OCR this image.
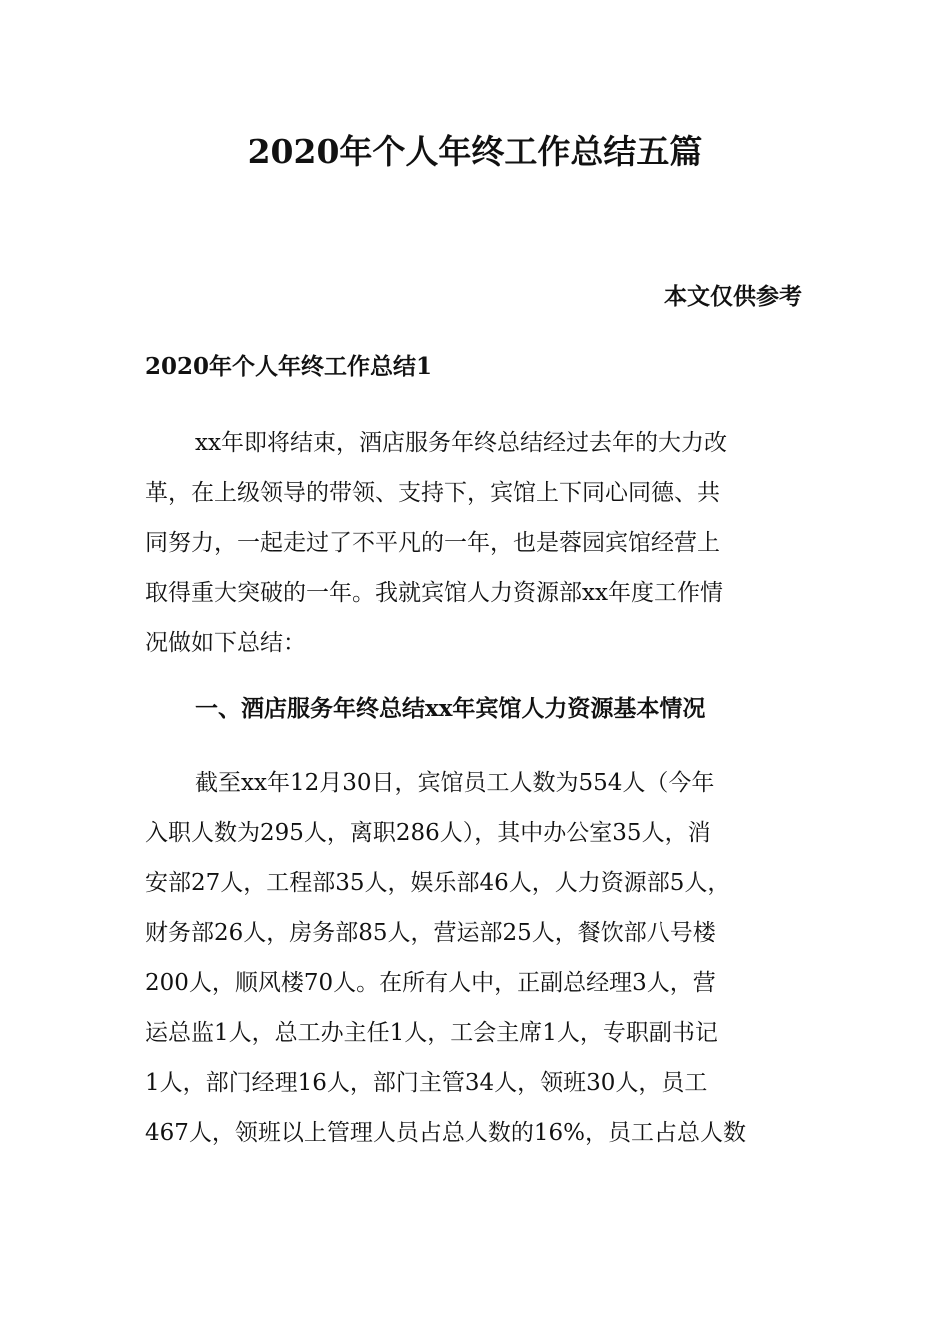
2020年个人年终工作总结五篇
本文仅供参考
2020年个人年终工作总结1
xx年即将结束，酒店服务年终总结经过去年的大力改
革，在上级领导的带领、支持下，宾馆上下同心同德、共
同努力，一起走过了不平凡的一年，也是蓉园宾馆经营上
取得重大突破的一年。我就宾馆人力资源部xx年度工作情
况做如下总结：
一、酒店服务年终总结xx年宾馆人力资源基本情况
截至xx年12月30日，宾馆员工人数为554人（今年
入职人数为295人，离职286人），其中办公室35人，消
安部27人，工程部35人，娱乐部46人，人力资源部5人，
财务部26人，房务部85人，营运部25人，餐饮部八号楼
200人，顺风楼70人。在所有人中，正副总经理3人，营
运总监1人，总工办主任1人，工会主席1人，专职副书记
1人，部门经理16人，部门主管34人，领班30人，员工
467人，领班以上管理人员占总人数的16%，员工占总人数
